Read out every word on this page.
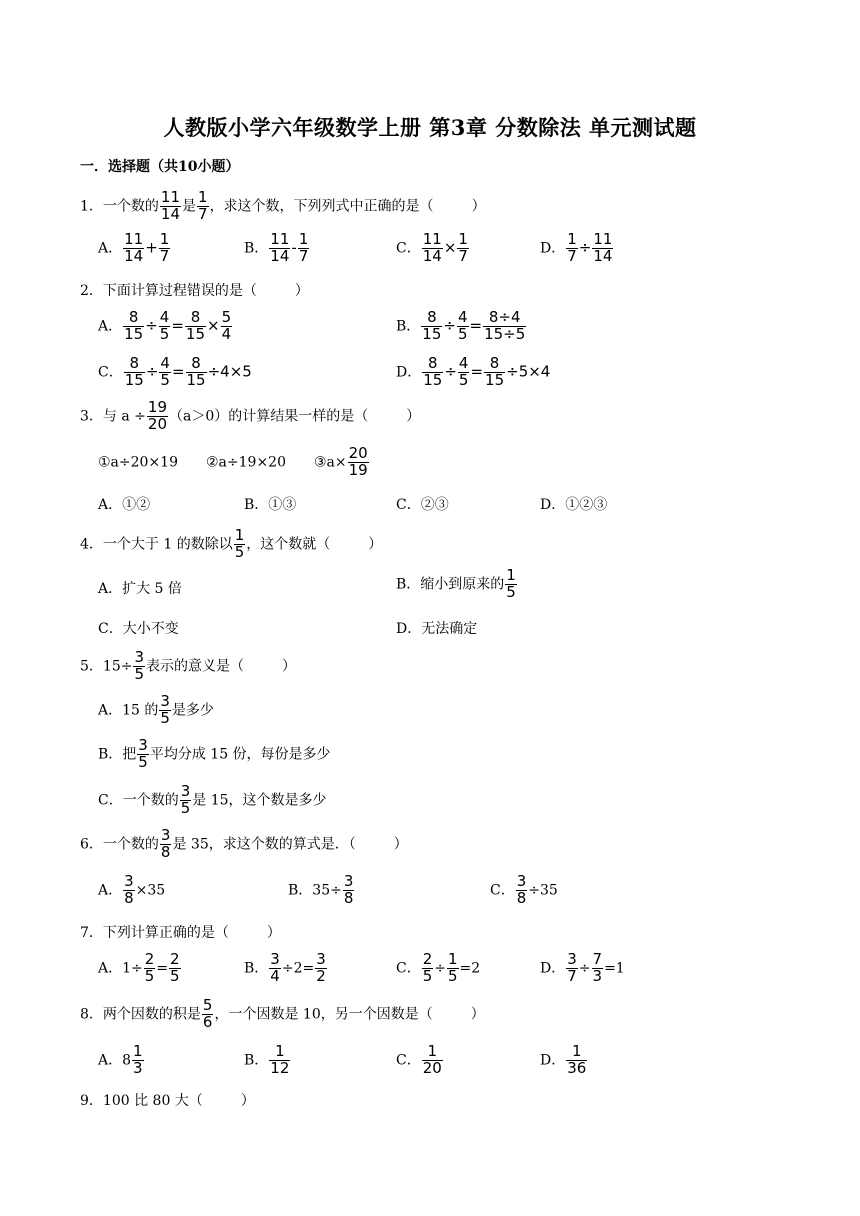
人教版小学六年级数学上册 第3章 分数除法 单元测试题
一．选择题（共10小题）
1．一个数的 $\frac{11}{14}$ 是 $\frac{1}{7}$ ，求这个数，下列列式中正确的是（	）
A． $\frac{11}{14} + \frac{1}{7}$	B． $\frac{11}{14} - \frac{1}{7}$	C． $\frac{11}{14} \times \frac{1}{7}$	D． $\frac{1}{7} \div \frac{11}{14}$
2．下面计算过程错误的是（	）
A． $\frac{8}{15} \div \frac{4}{5} = \frac{8}{15} \times \frac{5}{4}$	B． $\frac{8}{15} \div \frac{4}{5} = \frac{8\div 4}{15\div 5}$
C． $\frac{8}{15} \div \frac{4}{5} = \frac{8}{15} \div 4\times 5$	D． $\frac{8}{15} \div \frac{4}{5} = \frac{8}{15} \div 5\times 4$
3．与 $a \div \frac{19}{20} (a>0)$的计算结果一样的是（	）
①a÷20×19 ②a÷19×20 ③a× $\frac{20}{19}$
A．①②	B．①③	C．②③	D．①②③
4．一个大于 1 的数除以 $\frac{1}{5}$ ，这个数就（	）
A．扩大 5 倍	B．缩小到原来的 $\frac{1}{5}$
C．大小不变	D．无法确定
5．$15\div \frac{3}{5}$ 表示的意义是（	）
A．15 的 $\frac{3}{5}$ 是多少
B．把 $\frac{3}{5}$ 平均分成 15 份，每份是多少
C．一个数的 $\frac{3}{5}$ 是 15，这个数是多少
6．一个数的 $\frac{3}{8}$ 是 35，求这个数的算式是．（	）
A． $\frac{3}{8} \times 35$	B．$35\div \frac{3}{8}$	C． $\frac{3}{8} \div 35$
7．下列计算正确的是（	）
A．$1\div \frac{2}{5} = \frac{2}{5}$	B． $\frac{3}{4} \div 2= \frac{3}{2}$	C． $\frac{2}{5} \div \frac{1}{5} =2$	D． $\frac{3}{7} \div \frac{7}{3} =1$
8．两个因数的积是 $\frac{5}{6}$ ，一个因数是 10，另一个因数是（	）
A．$8 \frac{1}{3}$	B． $\frac{1}{12}$	C． $\frac{1}{20}$	D． $\frac{1}{36}$
9．100 比 80 大（	）
